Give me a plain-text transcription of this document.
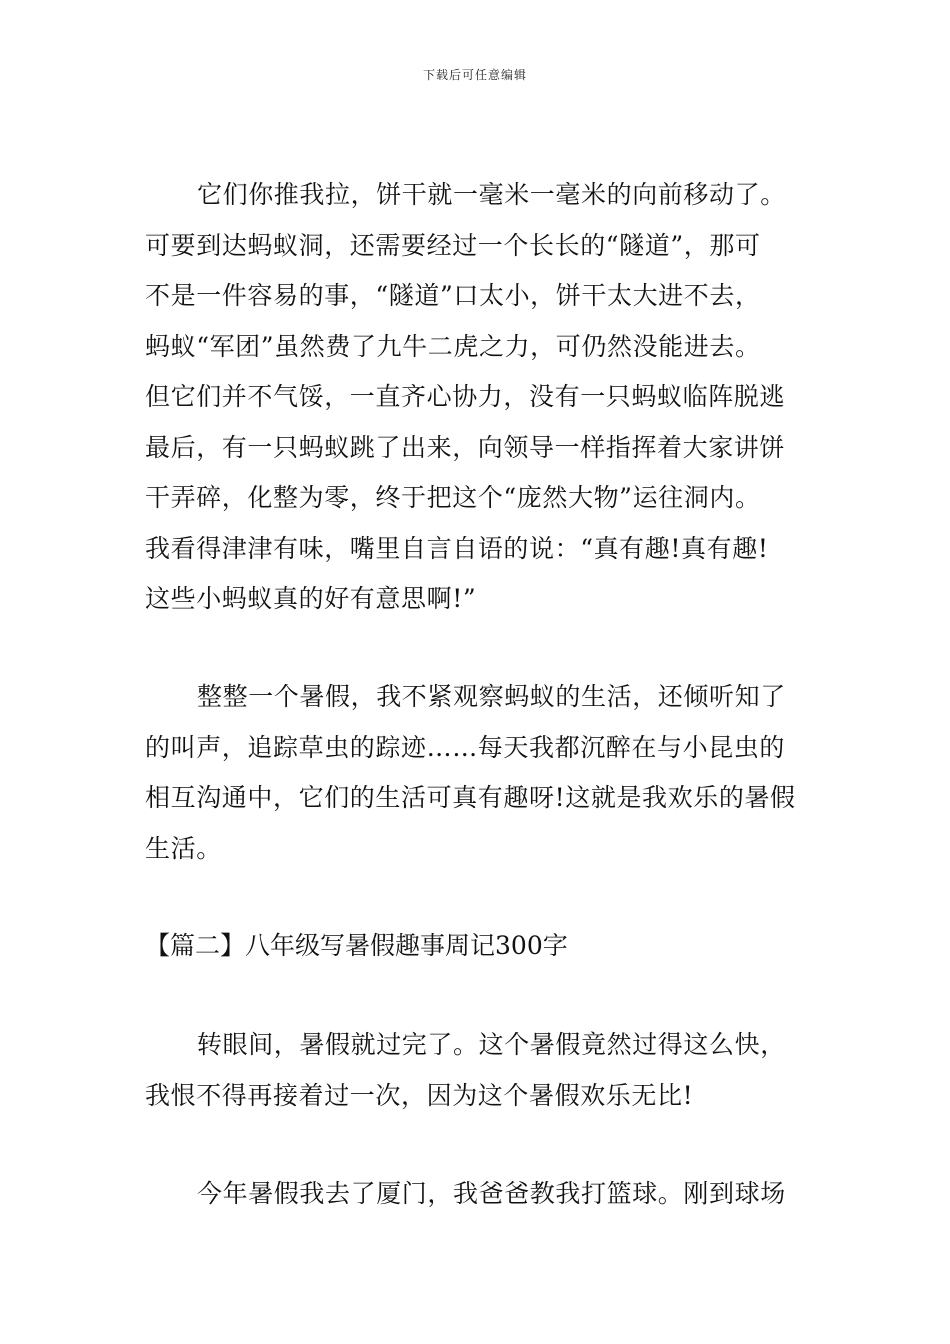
下载后可任意编辑
它们你推我拉，饼干就一毫米一毫米的向前移动了。
可要到达蚂蚁洞，还需要经过一个长长的“隧道”，那可
不是一件容易的事，“隧道”口太小，饼干太大进不去，
蚂蚁“军团”虽然费了九牛二虎之力，可仍然没能进去。
但它们并不气馁，一直齐心协力，没有一只蚂蚁临阵脱逃
最后，有一只蚂蚁跳了出来，向领导一样指挥着大家讲饼
干弄碎，化整为零，终于把这个“庞然大物”运往洞内。
我看得津津有味，嘴里自言自语的说：“真有趣!真有趣!
这些小蚂蚁真的好有意思啊!”
整整一个暑假，我不紧观察蚂蚁的生活，还倾听知了
的叫声，追踪草虫的踪迹……每天我都沉醉在与小昆虫的
相互沟通中，它们的生活可真有趣呀!这就是我欢乐的暑假
生活。
【篇二】八年级写暑假趣事周记300字
转眼间，暑假就过完了。这个暑假竟然过得这么快，
我恨不得再接着过一次，因为这个暑假欢乐无比!
今年暑假我去了厦门，我爸爸教我打篮球。刚到球场
